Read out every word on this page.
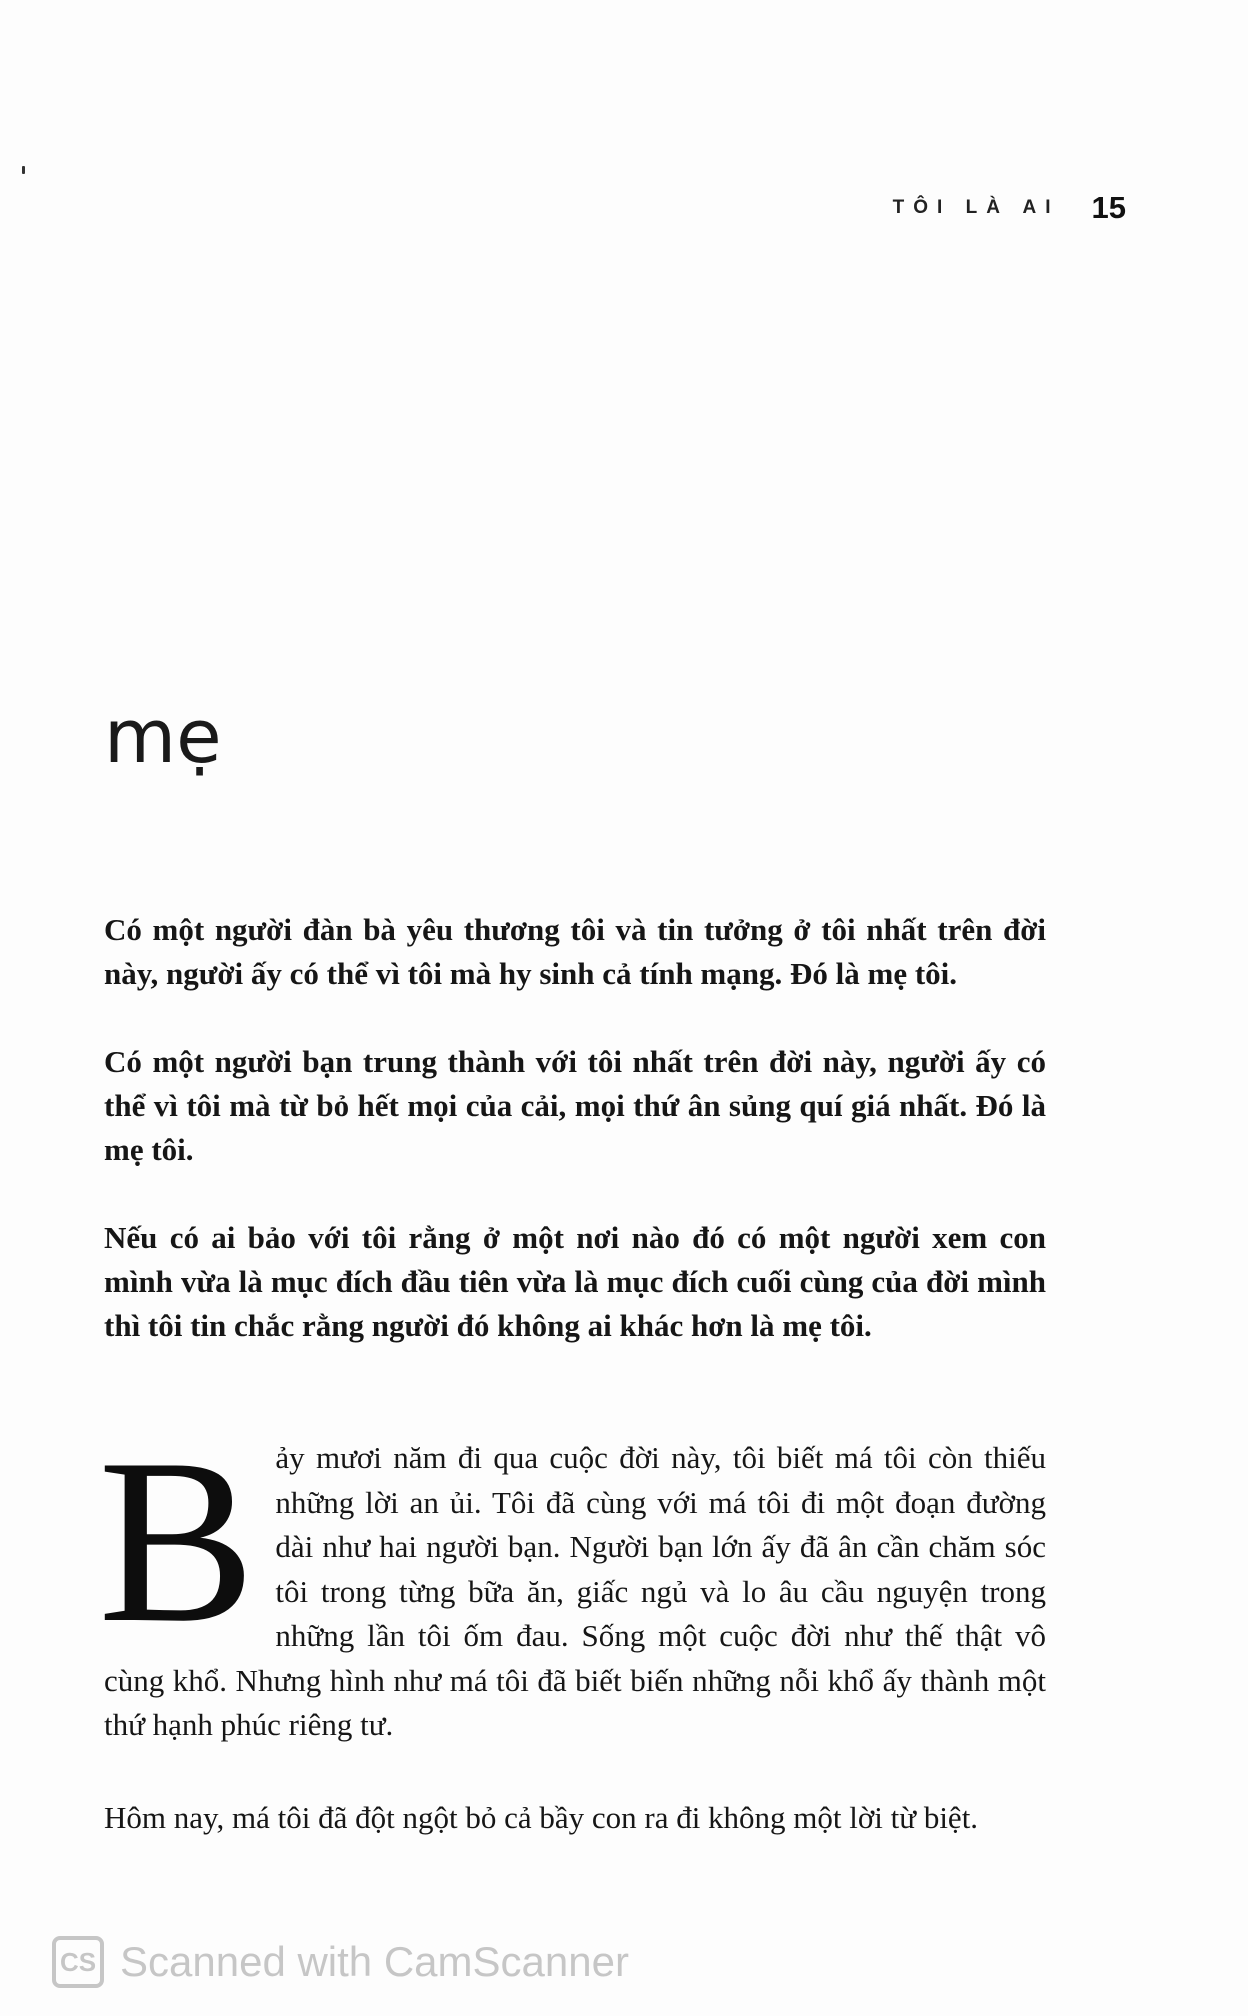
TÔI LÀ AI 15
mẹ

Có một người đàn bà yêu thương tôi và tin tưởng ở tôi nhất trên đời này, người ấy có thể vì tôi mà hy sinh cả tính mạng. Đó là mẹ tôi.

Có một người bạn trung thành với tôi nhất trên đời này, người ấy có thể vì tôi mà từ bỏ hết mọi của cải, mọi thứ ân sủng quí giá nhất. Đó là mẹ tôi.

Nếu có ai bảo với tôi rằng ở một nơi nào đó có một người xem con mình vừa là mục đích đầu tiên vừa là mục đích cuối cùng của đời mình thì tôi tin chắc rằng người đó không ai khác hơn là mẹ tôi.

Bảy mươi năm đi qua cuộc đời này, tôi biết má tôi còn thiếu những lời an ủi. Tôi đã cùng với má tôi đi một đoạn đường dài như hai người bạn. Người bạn lớn ấy đã ân cần chăm sóc tôi trong từng bữa ăn, giấc ngủ và lo âu cầu nguyện trong những lần tôi ốm đau. Sống một cuộc đời như thế thật vô cùng khổ. Nhưng hình như má tôi đã biết biến những nỗi khổ ấy thành một thứ hạnh phúc riêng tư.

Hôm nay, má tôi đã đột ngột bỏ cả bầy con ra đi không một lời từ biệt.

CS Scanned with CamScanner
